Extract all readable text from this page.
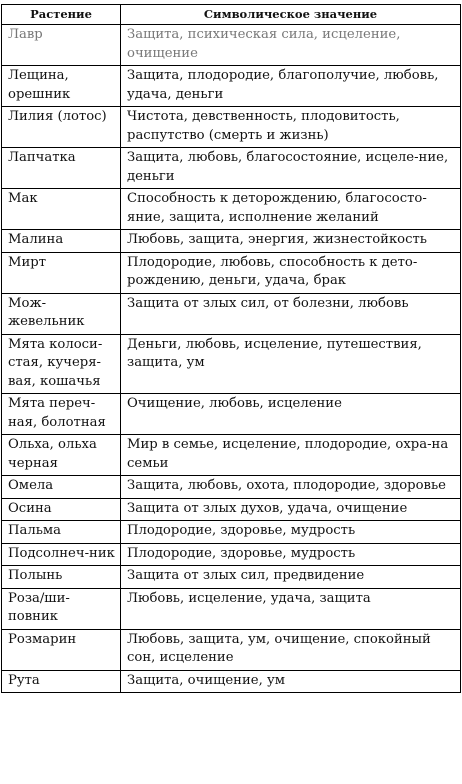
Растение	Символическое значение
Лавр	Защита, психическая сила, исцеление, очищение
Лещина, орешник	Защита, плодородие, благополучие, любовь, удача, деньги
Лилия (лотос)	Чистота, девственность, плодовитость, распутство (смерть и жизнь)
Лапчатка	Защита, любовь, благосостояние, исцеле-ние, деньги
Мак	Способность к деторождению, благососто-яние, защита, исполнение желаний
Малина	Любовь, защита, энергия, жизнестойкость
Мирт	Плодородие, любовь, способность к дето-рождению, деньги, удача, брак
Мож-жевельник	Защита от злых сил, от болезни, любовь
Мята колоси-стая, кучеря-вая, кошачья	Деньги, любовь, исцеление, путешествия, защита, ум
Мята переч-ная, болотная	Очищение, любовь, исцеление
Ольха, ольха черная	Мир в семье, исцеление, плодородие, охра-на семьи
Омела	Защита, любовь, охота, плодородие, здоровье
Осина	Защита от злых духов, удача, очищение
Пальма	Плодородие, здоровье, мудрость
Подсолнеч-ник	Плодородие, здоровье, мудрость
Полынь	Защита от злых сил, предвидение
Роза/ши-повник	Любовь, исцеление, удача, защита
Розмарин	Любовь, защита, ум, очищение, спокойный сон, исцеление
Рута	Защита, очищение, ум
